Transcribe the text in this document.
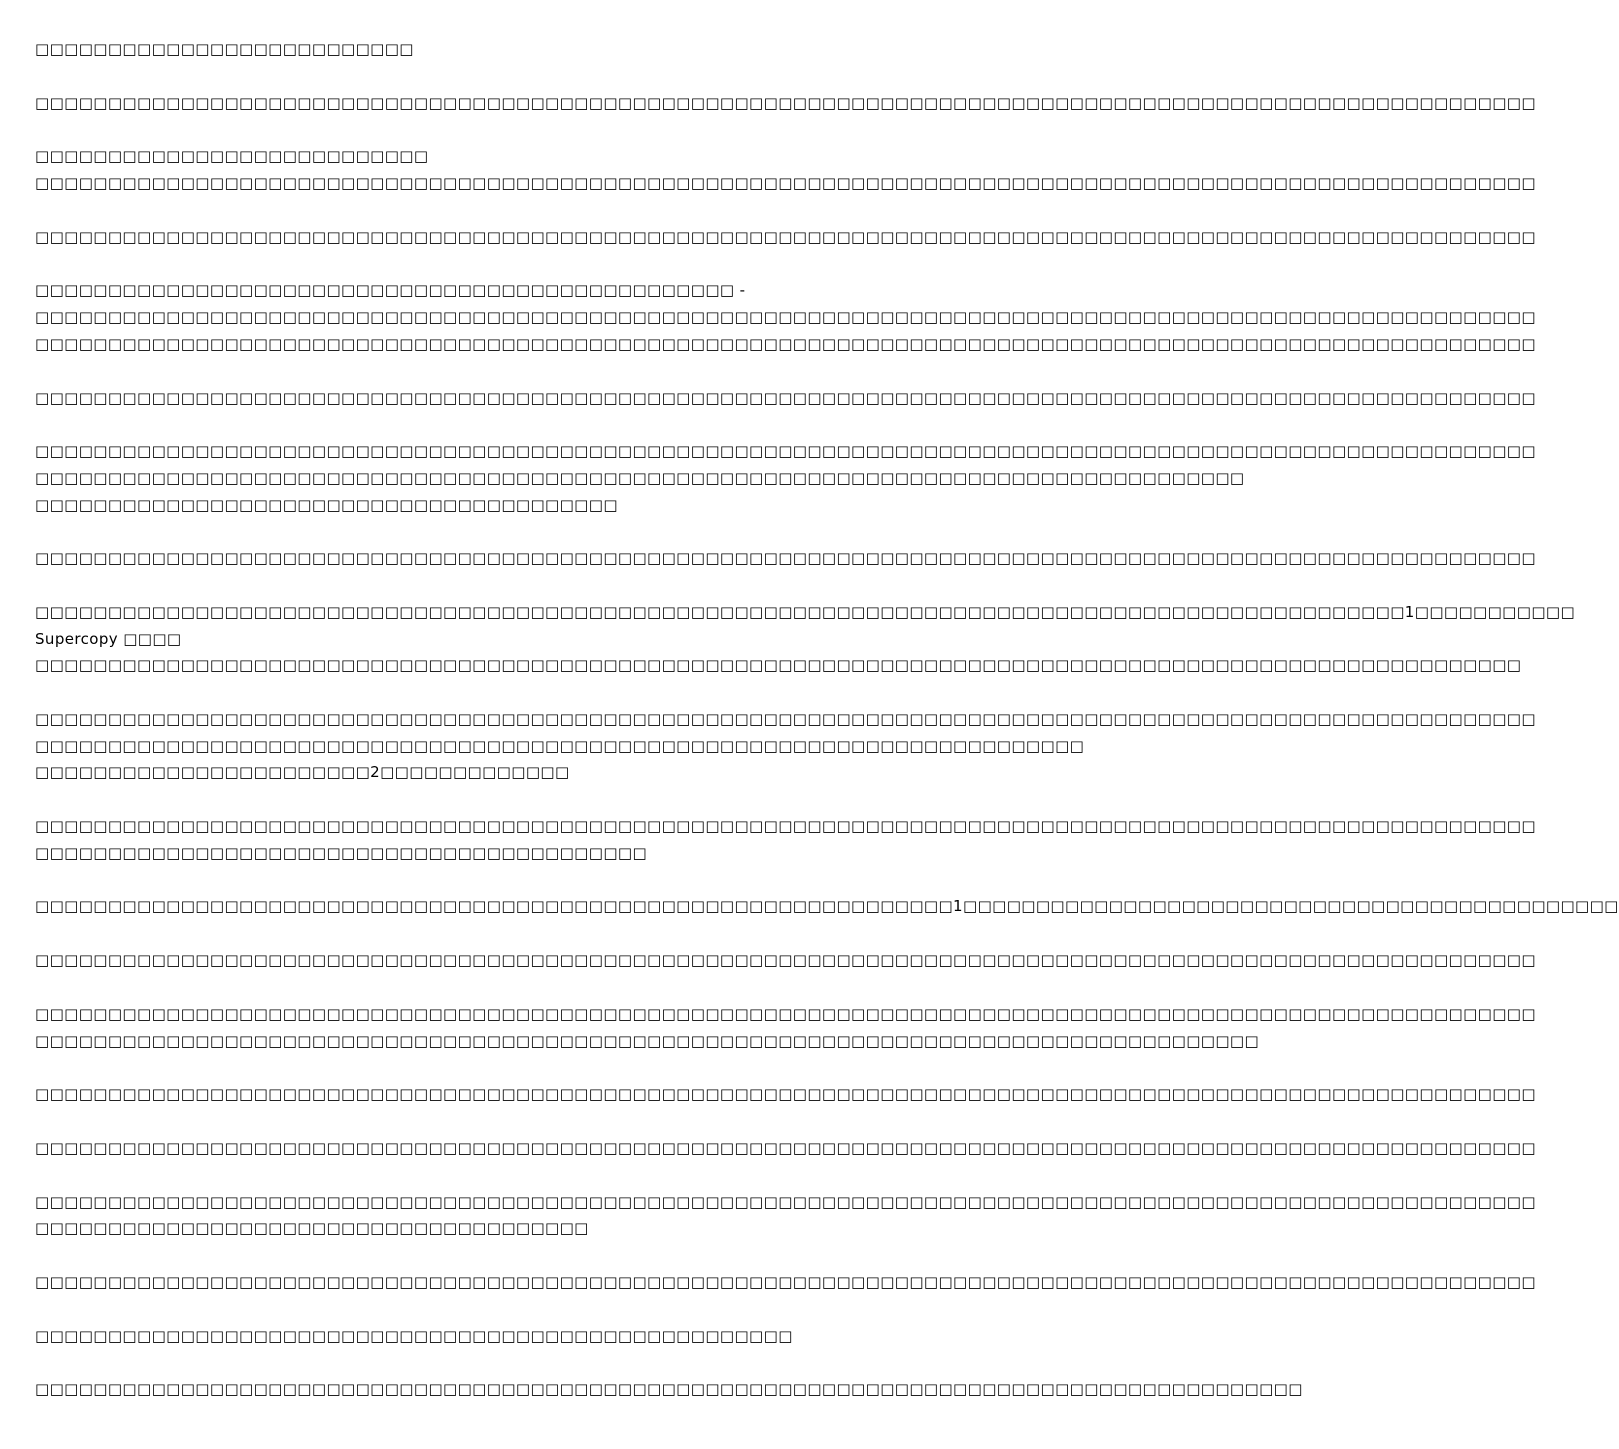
□□□□□□□□□□□□□□□□□□□□□□□□□□
□□□□□□□□□□□□□□□□□□□□□□□□□□□□□□□□□□□□□□□□□□□□□□□□□□□□□□□□□□□□□□□□□□□□□□□□□□□□□□□□□□□□□□□□□□□□□□□□□□□□□□□
□□□□□□□□□□□□□□□□□□□□□□□□□□□
□□□□□□□□□□□□□□□□□□□□□□□□□□□□□□□□□□□□□□□□□□□□□□□□□□□□□□□□□□□□□□□□□□□□□□□□□□□□□□□□□□□□□□□□□□□□□□□□□□□□□□□
□□□□□□□□□□□□□□□□□□□□□□□□□□□□□□□□□□□□□□□□□□□□□□□□□□□□□□□□□□□□□□□□□□□□□□□□□□□□□□□□□□□□□□□□□□□□□□□□□□□□□□□
□□□□□□□□□□□□□□□□□□□□□□□□□□□□□□□□□□□□□□□□□□□□□□□□ -
□□□□□□□□□□□□□□□□□□□□□□□□□□□□□□□□□□□□□□□□□□□□□□□□□□□□□□□□□□□□□□□□□□□□□□□□□□□□□□□□□□□□□□□□□□□□□□□□□□□□□□□
□□□□□□□□□□□□□□□□□□□□□□□□□□□□□□□□□□□□□□□□□□□□□□□□□□□□□□□□□□□□□□□□□□□□□□□□□□□□□□□□□□□□□□□□□□□□□□□□□□□□□□□
□□□□□□□□□□□□□□□□□□□□□□□□□□□□□□□□□□□□□□□□□□□□□□□□□□□□□□□□□□□□□□□□□□□□□□□□□□□□□□□□□□□□□□□□□□□□□□□□□□□□□□□
□□□□□□□□□□□□□□□□□□□□□□□□□□□□□□□□□□□□□□□□□□□□□□□□□□□□□□□□□□□□□□□□□□□□□□□□□□□□□□□□□□□□□□□□□□□□□□□□□□□□□□□
□□□□□□□□□□□□□□□□□□□□□□□□□□□□□□□□□□□□□□□□□□□□□□□□□□□□□□□□□□□□□□□□□□□□□□□□□□□□□□□□□□□
□□□□□□□□□□□□□□□□□□□□□□□□□□□□□□□□□□□□□□□□
□□□□□□□□□□□□□□□□□□□□□□□□□□□□□□□□□□□□□□□□□□□□□□□□□□□□□□□□□□□□□□□□□□□□□□□□□□□□□□□□□□□□□□□□□□□□□□□□□□□□□□□
□□□□□□□□□□□□□□□□□□□□□□□□□□□□□□□□□□□□□□□□□□□□□□□□□□□□□□□□□□□□□□□□□□□□□□□□□□□□□□□□□□□□□□□□□□□□□□1□□□□□□□□□□□
Supercopy □□□□
□□□□□□□□□□□□□□□□□□□□□□□□□□□□□□□□□□□□□□□□□□□□□□□□□□□□□□□□□□□□□□□□□□□□□□□□□□□□□□□□□□□□□□□□□□□□□□□□□□□□□□
□□□□□□□□□□□□□□□□□□□□□□□□□□□□□□□□□□□□□□□□□□□□□□□□□□□□□□□□□□□□□□□□□□□□□□□□□□□□□□□□□□□□□□□□□□□□□□□□□□□□□□□
□□□□□□□□□□□□□□□□□□□□□□□□□□□□□□□□□□□□□□□□□□□□□□□□□□□□□□□□□□□□□□□□□□□□□□□□
□□□□□□□□□□□□□□□□□□□□□□□2□□□□□□□□□□□□□
□□□□□□□□□□□□□□□□□□□□□□□□□□□□□□□□□□□□□□□□□□□□□□□□□□□□□□□□□□□□□□□□□□□□□□□□□□□□□□□□□□□□□□□□□□□□□□□□□□□□□□□
□□□□□□□□□□□□□□□□□□□□□□□□□□□□□□□□□□□□□□□□□□
□□□□□□□□□□□□□□□□□□□□□□□□□□□□□□□□□□□□□□□□□□□□□□□□□□□□□□□□□□□□□□□1□□□□□□□□□□□□□□□□□□□□□□□□□□□□□□□□□□□□□□□□□□□□□
□□□□□□□□□□□□□□□□□□□□□□□□□□□□□□□□□□□□□□□□□□□□□□□□□□□□□□□□□□□□□□□□□□□□□□□□□□□□□□□□□□□□□□□□□□□□□□□□□□□□□□□
□□□□□□□□□□□□□□□□□□□□□□□□□□□□□□□□□□□□□□□□□□□□□□□□□□□□□□□□□□□□□□□□□□□□□□□□□□□□□□□□□□□□□□□□□□□□□□□□□□□□□□□
□□□□□□□□□□□□□□□□□□□□□□□□□□□□□□□□□□□□□□□□□□□□□□□□□□□□□□□□□□□□□□□□□□□□□□□□□□□□□□□□□□□□
□□□□□□□□□□□□□□□□□□□□□□□□□□□□□□□□□□□□□□□□□□□□□□□□□□□□□□□□□□□□□□□□□□□□□□□□□□□□□□□□□□□□□□□□□□□□□□□□□□□□□□□
□□□□□□□□□□□□□□□□□□□□□□□□□□□□□□□□□□□□□□□□□□□□□□□□□□□□□□□□□□□□□□□□□□□□□□□□□□□□□□□□□□□□□□□□□□□□□□□□□□□□□□□
□□□□□□□□□□□□□□□□□□□□□□□□□□□□□□□□□□□□□□□□□□□□□□□□□□□□□□□□□□□□□□□□□□□□□□□□□□□□□□□□□□□□□□□□□□□□□□□□□□□□□□□
□□□□□□□□□□□□□□□□□□□□□□□□□□□□□□□□□□□□□□
□□□□□□□□□□□□□□□□□□□□□□□□□□□□□□□□□□□□□□□□□□□□□□□□□□□□□□□□□□□□□□□□□□□□□□□□□□□□□□□□□□□□□□□□□□□□□□□□□□□□□□□
□□□□□□□□□□□□□□□□□□□□□□□□□□□□□□□□□□□□□□□□□□□□□□□□□□□□
□□□□□□□□□□□□□□□□□□□□□□□□□□□□□□□□□□□□□□□□□□□□□□□□□□□□□□□□□□□□□□□□□□□□□□□□□□□□□□□□□□□□□□□
